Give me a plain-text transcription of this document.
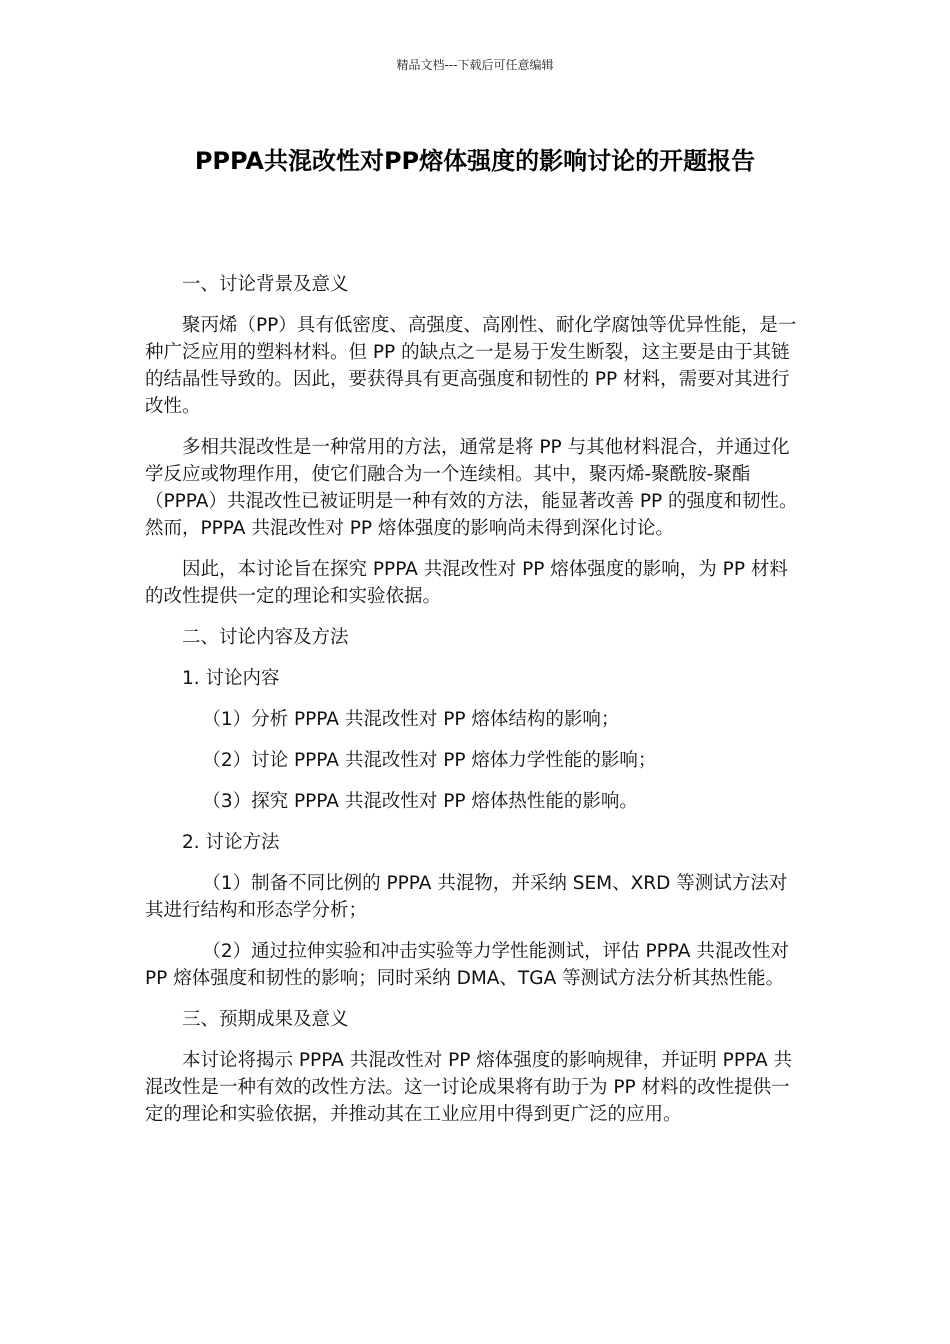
精品文档---下载后可任意编辑
PPPA共混改性对PP熔体强度的影响讨论的开题报告

一、讨论背景及意义

聚丙烯（PP）具有低密度、高强度、高刚性、耐化学腐蚀等优异性能，是一种广泛应用的塑料材料。但 PP 的缺点之一是易于发生断裂，这主要是由于其链的结晶性导致的。因此，要获得具有更高强度和韧性的 PP 材料，需要对其进行改性。

多相共混改性是一种常用的方法，通常是将 PP 与其他材料混合，并通过化学反应或物理作用，使它们融合为一个连续相。其中，聚丙烯-聚酰胺-聚酯（PPPA）共混改性已被证明是一种有效的方法，能显著改善 PP 的强度和韧性。然而，PPPA 共混改性对 PP 熔体强度的影响尚未得到深化讨论。

因此，本讨论旨在探究 PPPA 共混改性对 PP 熔体强度的影响，为 PP 材料的改性提供一定的理论和实验依据。

二、讨论内容及方法

1. 讨论内容

（1）分析 PPPA 共混改性对 PP 熔体结构的影响；

（2）讨论 PPPA 共混改性对 PP 熔体力学性能的影响；

（3）探究 PPPA 共混改性对 PP 熔体热性能的影响。

2. 讨论方法

（1）制备不同比例的 PPPA 共混物，并采纳 SEM、XRD 等测试方法对其进行结构和形态学分析；

（2）通过拉伸实验和冲击实验等力学性能测试，评估 PPPA 共混改性对 PP 熔体强度和韧性的影响；同时采纳 DMA、TGA 等测试方法分析其热性能。

三、预期成果及意义

本讨论将揭示 PPPA 共混改性对 PP 熔体强度的影响规律，并证明 PPPA 共混改性是一种有效的改性方法。这一讨论成果将有助于为 PP 材料的改性提供一定的理论和实验依据，并推动其在工业应用中得到更广泛的应用。
